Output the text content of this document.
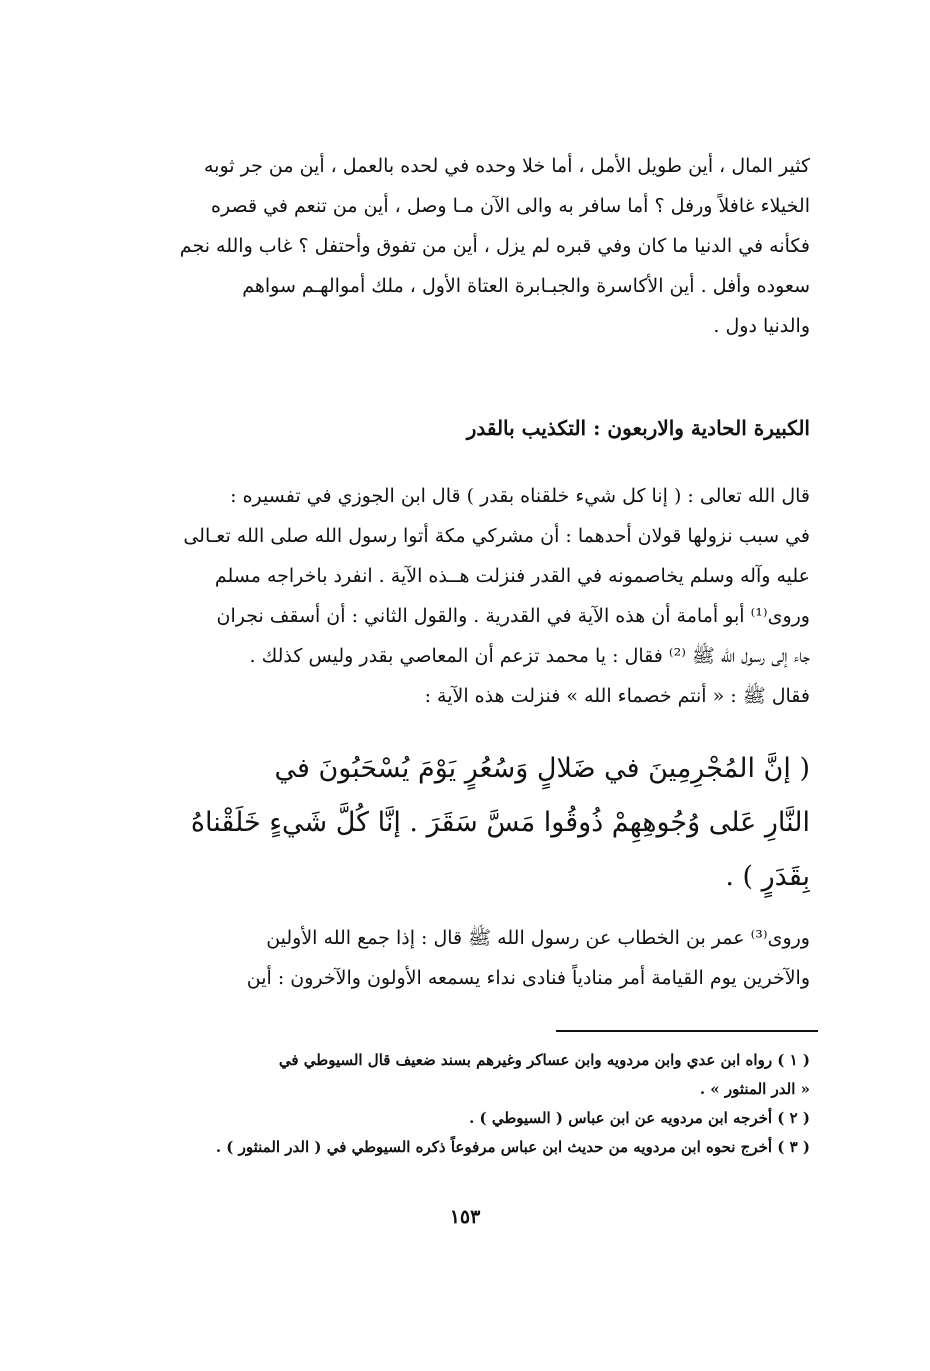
كثير المال ، أين طويل الأمل ، أما خلا وحده في لحده بالعمل ، أين من جر ثوبه
الخيلاء غافلاً ورفل ؟ أما سافر به والى الآن مـا وصل ، أين من تنعم في قصره
فكأنه في الدنيا ما كان وفي قبره لم يزل ، أين من تفوق وأحتفل ؟ غاب والله نجم
سعوده وأفل . أين الأكاسرة والجبـابرة العتاة الأول ، ملك أموالهـم سواهم
والدنيا دول .
الكبيرة الحادية والاربعون : التكذيب بالقدر
قال الله تعالى : ( إنا كل شيء خلقناه بقدر ) قال ابن الجوزي في تفسيره :
في سبب نزولها قولان أحدهما : أن مشركي مكة أتوا رسول الله صلى الله تعـالى
عليه وآله وسلم يخاصمونه في القدر فنزلت هــذه الآية . انفرد باخراجه مسلم
وروى⁽¹⁾ أبو أمامة أن هذه الآية في القدرية . والقول الثاني : أن أسقف نجران
جاء إلى رسول الله ﷺ ⁽²⁾ فقال : يا محمد تزعم أن المعاصي بقدر وليس كذلك .
فقال ﷺ : « أنتم خصماء الله » فنزلت هذه الآية :
( إنَّ المُجْرِمِينَ في ضَلالٍ وَسُعُرٍ يَوْمَ يُسْحَبُونَ في
النَّارِ عَلى وُجُوهِهِمْ ذُوقُوا مَسَّ سَقَرَ . إنَّا كُلَّ شَيءٍ خَلَقْناهُ
بِقَدَرٍ ) .
وروى⁽³⁾ عمر بن الخطاب عن رسول الله ﷺ قال : إذا جمع الله الأولين
والآخرين يوم القيامة أمر منادياً فنادى نداء يسمعه الأولون والآخرون : أين
( ١ ) رواه ابن عدي وابن مردويه وابن عساكر وغيرهم بسند ضعيف قال السيوطي في
« الدر المنثور » .
( ٢ ) أخرجه ابن مردويه عن ابن عباس ( السيوطي ) .
( ٣ ) أخرج نحوه ابن مردويه من حديث ابن عباس مرفوعاً ذكره السيوطي في ( الدر المنثور ) .
١٥٣
